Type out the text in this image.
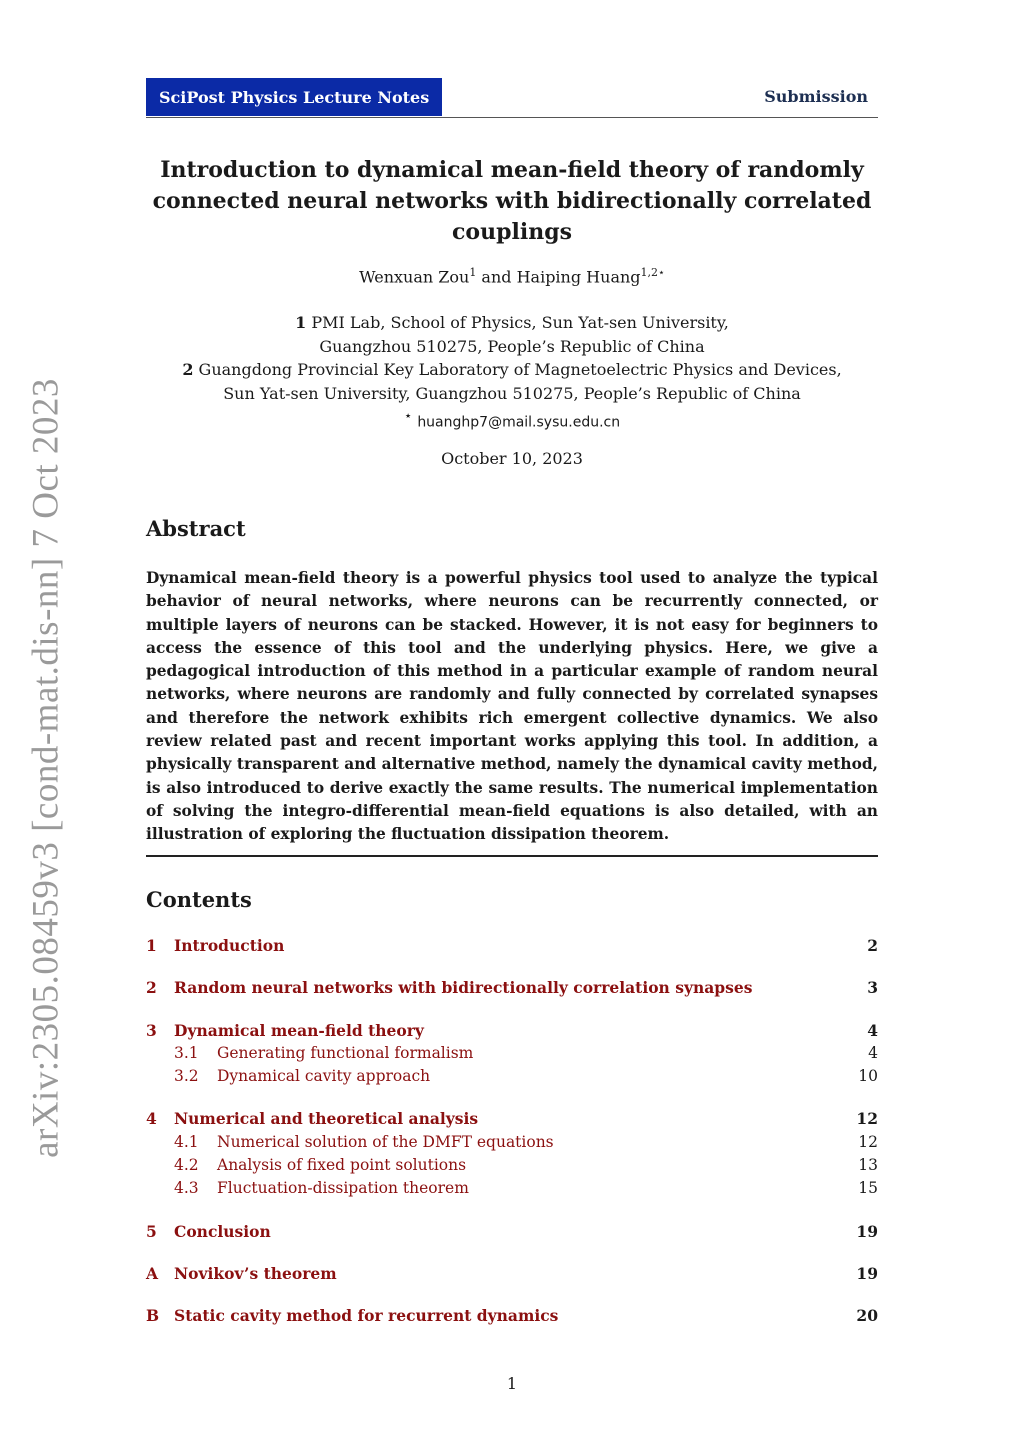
arXiv:2305.08459v3 [cond-mat.dis-nn] 7 Oct 2023
SciPost Physics Lecture Notes	Submission
Introduction to dynamical mean-field theory of randomly
connected neural networks with bidirectionally correlated
couplings
Wenxuan Zou$^1$ and Haiping Huang$^{1,2⋆}$
1 PMI Lab, School of Physics, Sun Yat-sen University,
Guangzhou 510275, People’s Republic of China
2 Guangdong Provincial Key Laboratory of Magnetoelectric Physics and Devices,
Sun Yat-sen University, Guangzhou 510275, People’s Republic of China
⋆ huanghp7@mail.sysu.edu.cn
October 10, 2023
Abstract
Dynamical mean-field theory is a powerful physics tool used to analyze the typical behavior of neural networks, where neurons can be recurrently connected, or multiple layers of neurons can be stacked. However, it is not easy for beginners to access the essence of this tool and the underlying physics. Here, we give a pedagogical introduction of this method in a particular example of random neural networks, where neurons are randomly and fully connected by correlated synapses and therefore the network exhibits rich emergent collective dynamics. We also review related past and recent important works applying this tool. In addition, a physically transparent and alternative method, namely the dynamical cavity method, is also introduced to derive exactly the same results. The numerical implementation of solving the integro-differential mean-field equations is also detailed, with an illustration of exploring the fluctuation dissipation theorem.
Contents
1 Introduction	2
2 Random neural networks with bidirectionally correlation synapses	3
3 Dynamical mean-field theory	4
3.1 Generating functional formalism	4
3.2 Dynamical cavity approach	10
4 Numerical and theoretical analysis	12
4.1 Numerical solution of the DMFT equations	12
4.2 Analysis of fixed point solutions	13
4.3 Fluctuation-dissipation theorem	15
5 Conclusion	19
A Novikov’s theorem	19
B Static cavity method for recurrent dynamics	20
1
